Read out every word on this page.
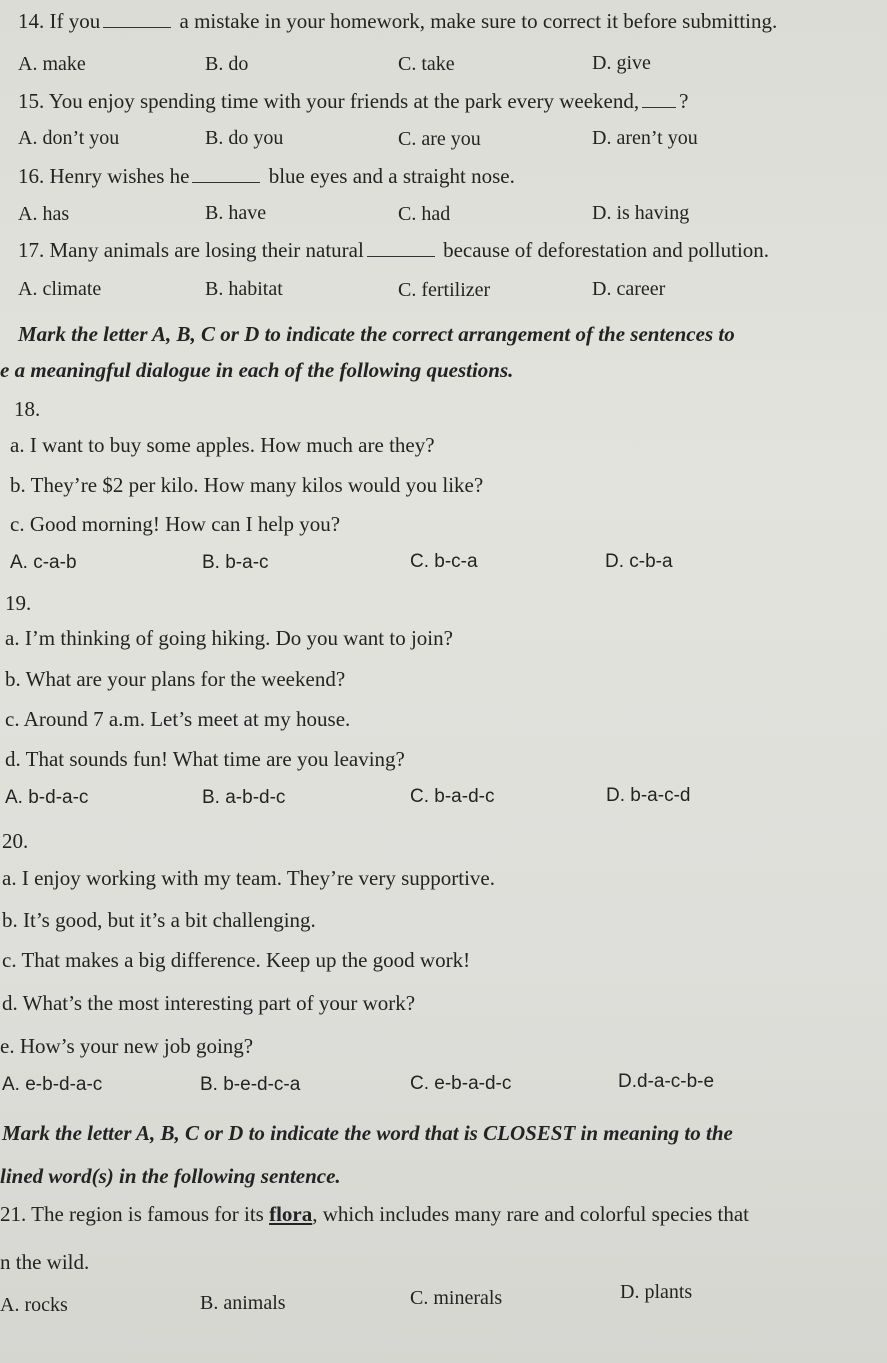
14. If you	a mistake in your homework, make sure to correct it before submitting.
A. make	B. do	C. take	D. give
15. You enjoy spending time with your friends at the park every weekend, ?
A. don’t you	B. do you	C. are you	D. aren’t you
16. Henry wishes he	blue eyes and a straight nose.
A. has	B. have	C. had	D. is having
17. Many animals are losing their natural	because of deforestation and pollution.
A. climate	B. habitat	C. fertilizer	D. career
Mark the letter A, B, C or D to indicate the correct arrangement of the sentences to
e a meaningful dialogue in each of the following questions.
18.
a. I want to buy some apples. How much are they?
b. They’re $2 per kilo. How many kilos would you like?
c. Good morning! How can I help you?
A. c-a-b	B. b-a-c	C. b-c-a	D. c-b-a
19.
a. I’m thinking of going hiking. Do you want to join?
b. What are your plans for the weekend?
c. Around 7 a.m. Let’s meet at my house.
d. That sounds fun! What time are you leaving?
A. b-d-a-c	B. a-b-d-c	C. b-a-d-c	D. b-a-c-d
20.
a. I enjoy working with my team. They’re very supportive.
b. It’s good, but it’s a bit challenging.
c. That makes a big difference. Keep up the good work!
d. What’s the most interesting part of your work?
e. How’s your new job going?
A. e-b-d-a-c	B. b-e-d-c-a	C. e-b-a-d-c	D.d-a-c-b-e
Mark the letter A, B, C or D to indicate the word that is CLOSEST in meaning to the
lined word(s) in the following sentence.
21. The region is famous for its flora, which includes many rare and colorful species that
n the wild.
A. rocks	B. animals	C. minerals	D. plants
